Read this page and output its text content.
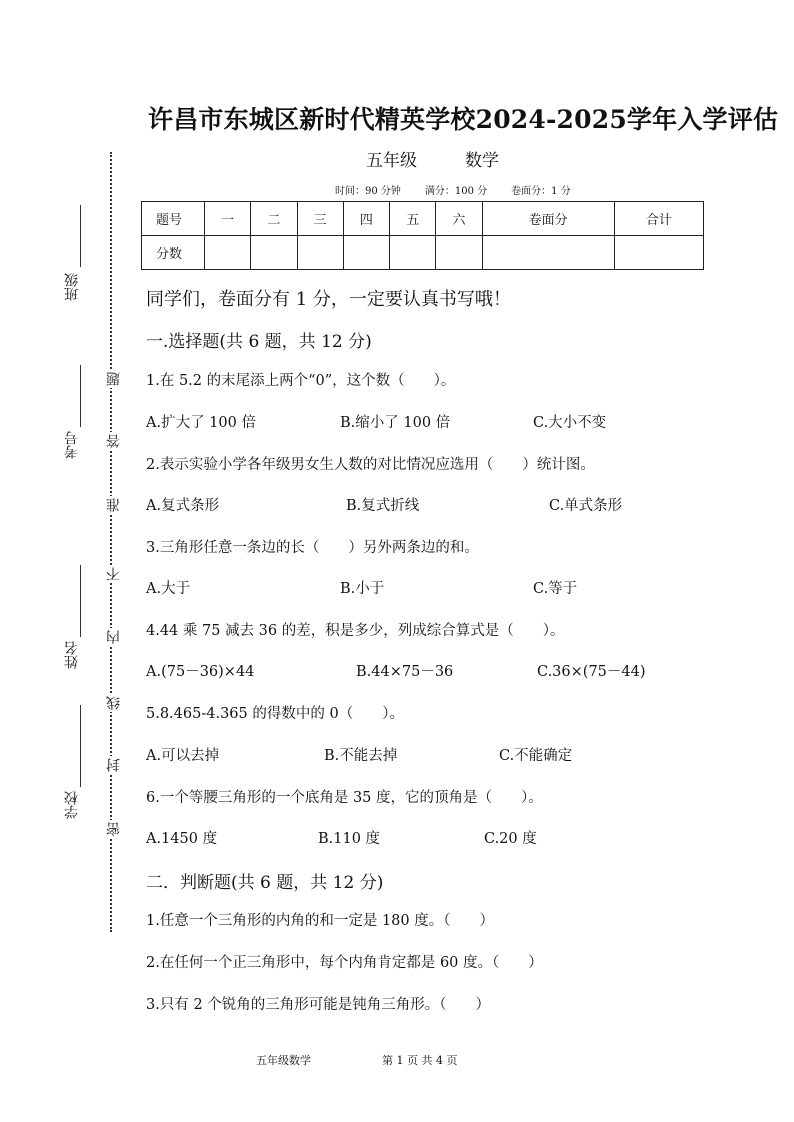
班级
考号
姓名
学校
题
答
准
不
内
线
封
密
许昌市东城区新时代精英学校2024-2025学年入学评估
五年级	数学
时间：90 分钟 满分：100 分 卷面分：1 分
题号	一	二	三	四	五	六	卷面分	合计
分数								
同学们，卷面分有 1 分，一定要认真书写哦！
一.选择题(共 6 题，共 12 分)
1.在 5.2 的末尾添上两个“0”，这个数（　　）。
A.扩大了 100 倍	B.缩小了 100 倍	C.大小不变
2.表示实验小学各年级男女生人数的对比情况应选用（　　）统计图。
A.复式条形	B.复式折线	C.单式条形
3.三角形任意一条边的长（　　）另外两条边的和。
A.大于	B.小于	C.等于
4.44 乘 75 减去 36 的差，积是多少，列成综合算式是（　　）。
A.(75－36)×44	B.44×75－36	C.36×(75－44)
5.8.465-4.365 的得数中的 0（　　）。
A.可以去掉	B.不能去掉	C.不能确定
6.一个等腰三角形的一个底角是 35 度，它的顶角是（　　）。
A.1450 度	B.110 度	C.20 度
二．判断题(共 6 题，共 12 分)
1.任意一个三角形的内角的和一定是 180 度。（　　）
2.在任何一个正三角形中，每个内角肯定都是 60 度。（　　）
3.只有 2 个锐角的三角形可能是钝角三角形。（　　）
五年级数学	第 1 页 共 4 页
